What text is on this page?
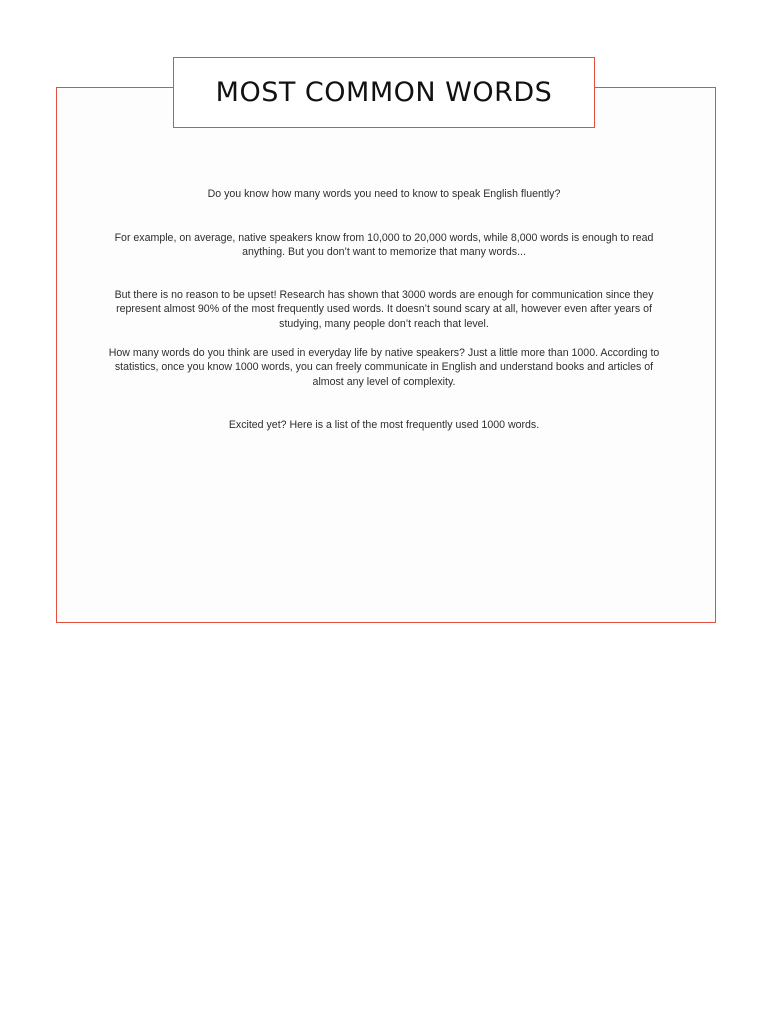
MOST COMMON WORDS

Do you know how many words you need to know to speak English fluently?

For example, on average, native speakers know from 10,000 to 20,000 words, while 8,000 words is enough to read anything. But you don’t want to memorize that many words...

But there is no reason to be upset! Research has shown that 3000 words are enough for communication since they represent almost 90% of the most frequently used words. It doesn’t sound scary at all, however even after years of studying, many people don’t reach that level.

How many words do you think are used in everyday life by native speakers? Just a little more than 1000. According to statistics, once you know 1000 words, you can freely communicate in English and understand books and articles of almost any level of complexity.

Excited yet? Here is a list of the most frequently used 1000 words.
